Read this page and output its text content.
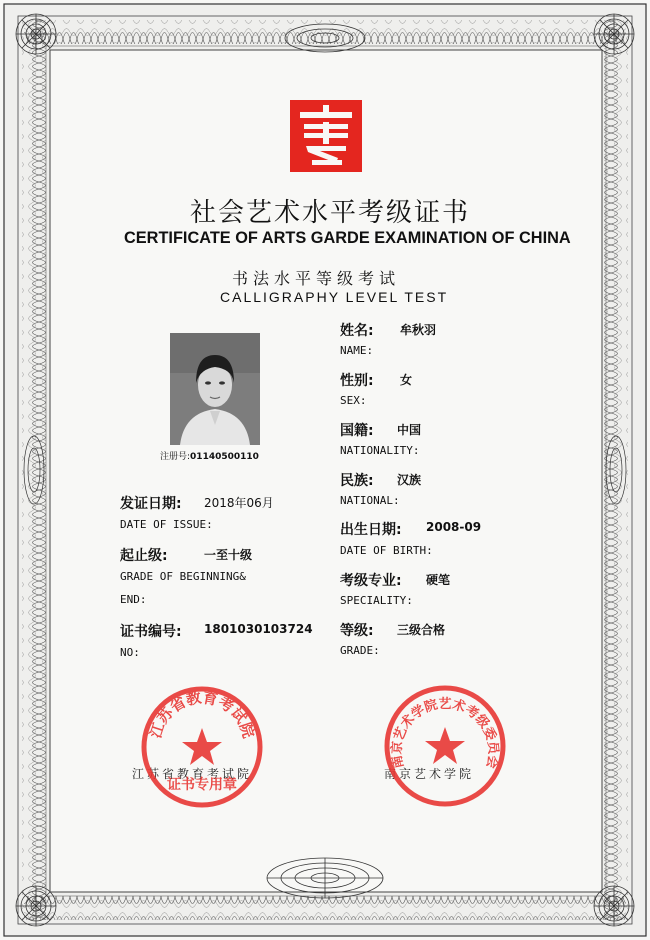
社会艺术水平考级证书
CERTIFICATE OF ARTS GARDE EXAMINATION OF CHINA
书法水平等级考试
CALLIGRAPHY LEVEL TEST
注册号:01140500110
姓名: 牟秋羽
NAME:
性别: 女
SEX:
国籍: 中国
NATIONALITY:
民族: 汉族
NATIONAL:
出生日期: 2008-09
DATE OF BIRTH:
考级专业: 硬笔
SPECIALITY:
等级: 三级合格
GRADE:
发证日期: 2018年06月
DATE OF ISSUE:
起止级:	一至十级
GRADE OF BEGINNING&
END:
证书编号: 1801030103724
NO:
江苏省教育考试院	南京艺术学院
江苏省教育考试院
证书专用章
南京艺术学院艺术考级委员会
